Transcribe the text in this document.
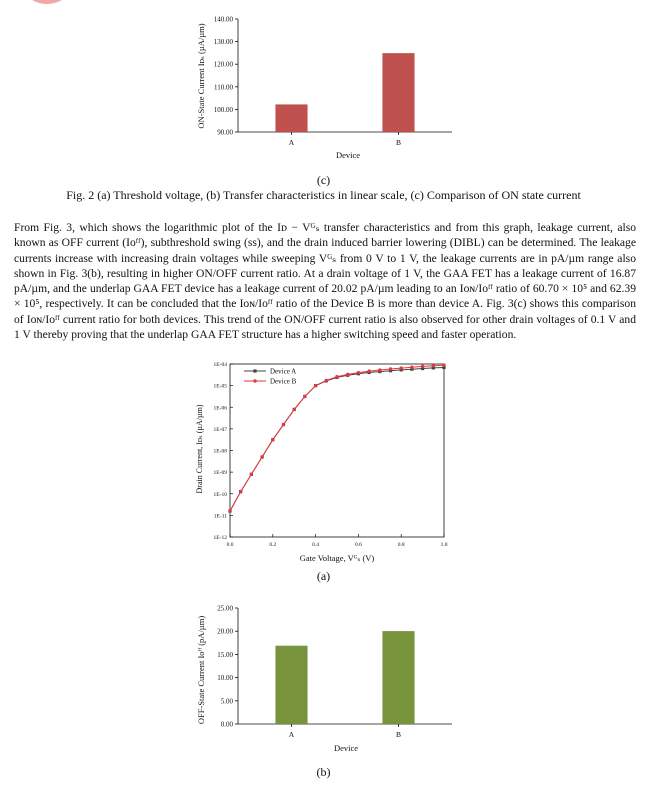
90.00
100.00
110.00
120.00
130.00
140.00
A	B
ON-State Current Iᴅₛ (µA/µm)
Device
(c)
Fig. 2 (a) Threshold voltage, (b) Transfer characteristics in linear scale, (c) Comparison of ON state current
From Fig. 3, which shows the logarithmic plot of the Iᴅ − Vᴳₛ transfer characteristics and from this graph, leakage current, also known as OFF current (Iᴏᶠᶠ), subthreshold swing (ss), and the drain induced barrier lowering (DIBL) can be determined. The leakage currents increase with increasing drain voltages while sweeping Vᴳₛ from 0 V to 1 V, the leakage currents are in pA/µm range also shown in Fig. 3(b), resulting in higher ON/OFF current ratio. At a drain voltage of 1 V, the GAA FET has a leakage current of 16.87 pA/µm, and the underlap GAA FET device has a leakage current of 20.02 pA/µm leading to an Iᴏɴ/Iᴏᶠᶠ ratio of 60.70 × 10⁵ and 62.39 × 10⁵, respectively. It can be concluded that the Iᴏɴ/Iᴏᶠᶠ ratio of the Device B is more than device A. Fig. 3(c) shows this comparison of Iᴏɴ/Iᴏᶠᶠ current ratio for both devices. This trend of the ON/OFF current ratio is also observed for other drain voltages of 0.1 V and 1 V thereby proving that the underlap GAA FET structure has a higher switching speed and faster operation.
1E-12
1E-11
1E-10
1E-09
1E-08
1E-07
1E-06
1E-05
1E-04
0.0	0.2	0.4	0.6	0.8	1.0
Device A
Device B
Drain Current, Iᴅₛ (µA/µm)
Gate Voltage, Vᴳₛ (V)
(a)
0.00
5.00
10.00
15.00
20.00
25.00
A	B
OFF-State Current Iᴏᶠᶠ (pA/µm)
Device
(b)
